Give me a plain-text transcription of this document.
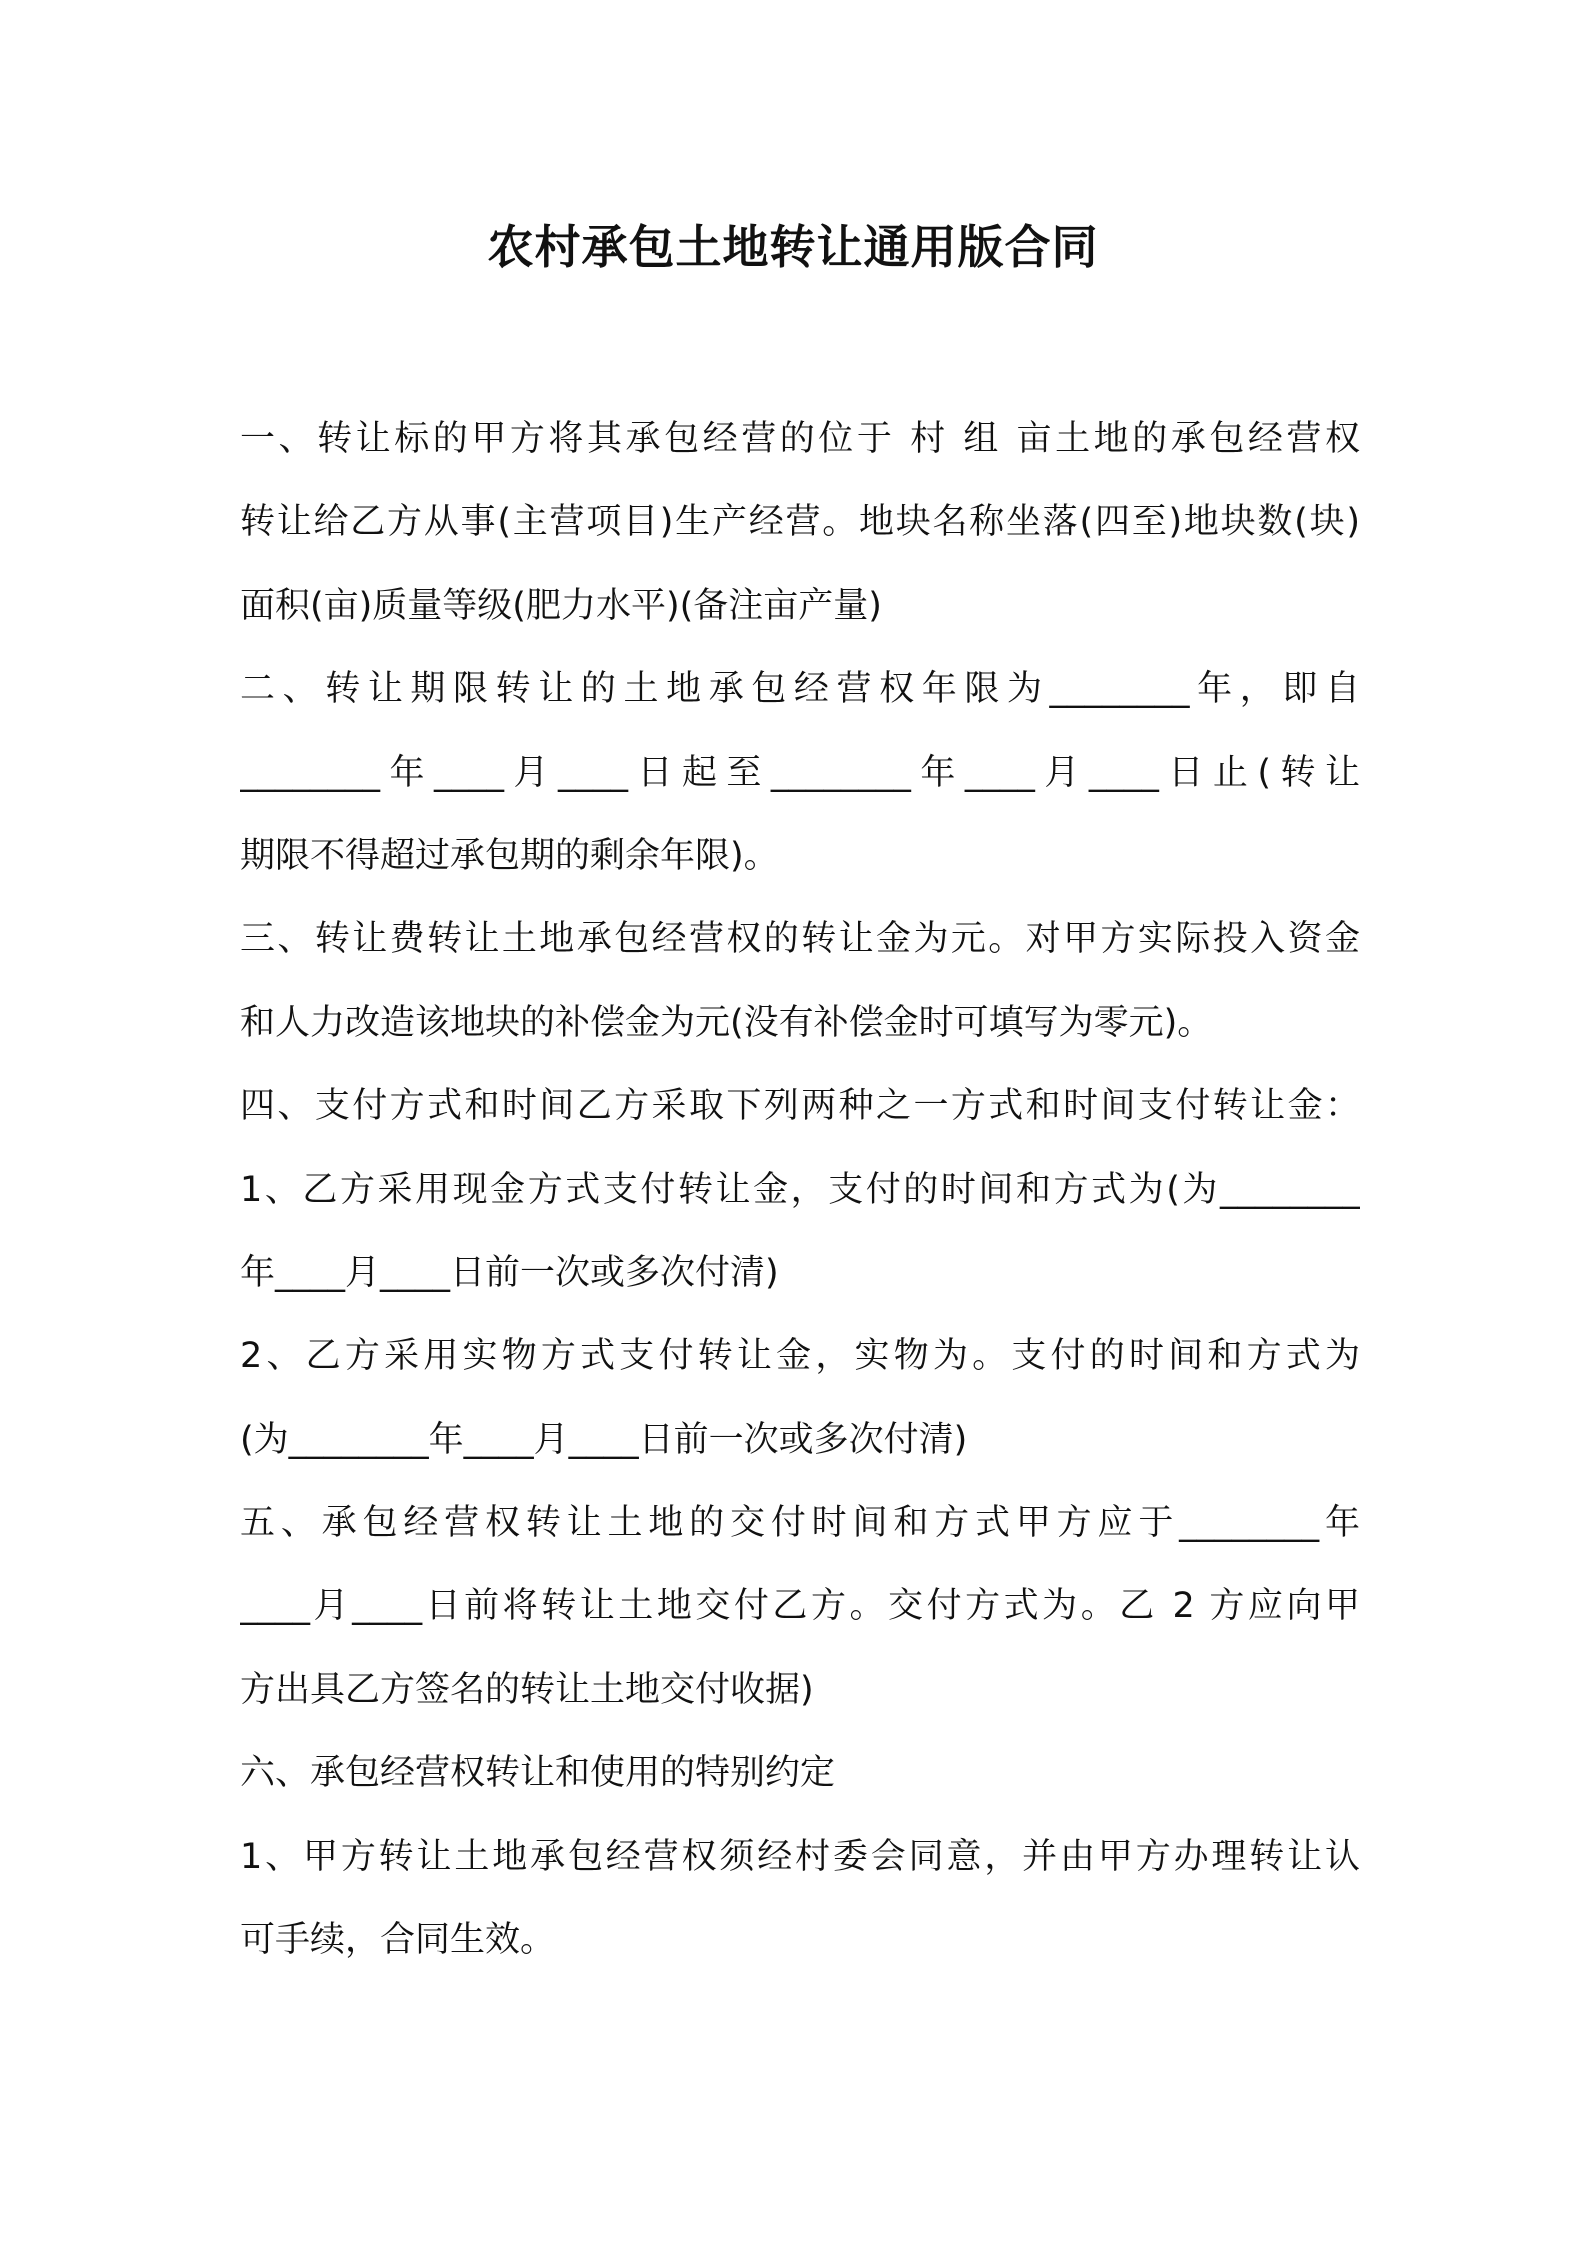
农村承包土地转让通用版合同
一、转让标的甲方将其承包经营的位于 村 组 亩土地的承包经营权
转让给乙方从事(主营项目)生产经营。地块名称坐落(四至)地块数(块)
面积(亩)质量等级(肥力水平)(备注亩产量)
二、转让期限转让的土地承包经营权年限为________年，即自
________年____月____日起至________年____月____日止(转让
期限不得超过承包期的剩余年限)。
三、转让费转让土地承包经营权的转让金为元。对甲方实际投入资金
和人力改造该地块的补偿金为元(没有补偿金时可填写为零元)。
四、支付方式和时间乙方采取下列两种之一方式和时间支付转让金：
1、乙方采用现金方式支付转让金，支付的时间和方式为(为________
年____月____日前一次或多次付清)
2、乙方采用实物方式支付转让金，实物为。支付的时间和方式为
(为________年____月____日前一次或多次付清)
五、承包经营权转让土地的交付时间和方式甲方应于________年
____月____日前将转让土地交付乙方。交付方式为。乙 2 方应向甲
方出具乙方签名的转让土地交付收据)
六、承包经营权转让和使用的特别约定
1、甲方转让土地承包经营权须经村委会同意，并由甲方办理转让认
可手续，合同生效。
